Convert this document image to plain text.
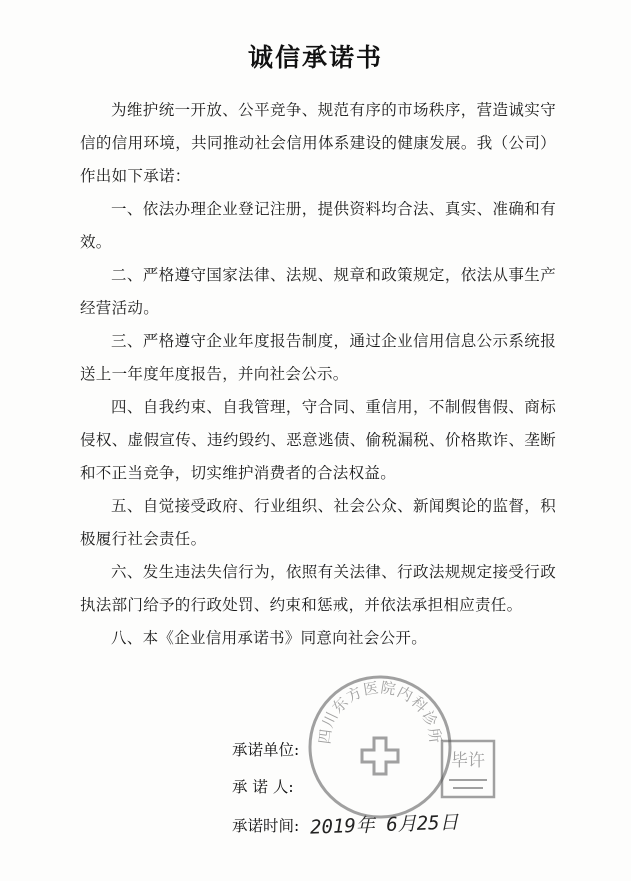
诚信承诺书

为维护统一开放、公平竞争、规范有序的市场秩序，营造诚实守信的信用环境，共同推动社会信用体系建设的健康发展。我（公司）作出如下承诺：

一、依法办理企业登记注册，提供资料均合法、真实、准确和有效。

二、严格遵守国家法律、法规、规章和政策规定，依法从事生产经营活动。

三、严格遵守企业年度报告制度，通过企业信用信息公示系统报送上一年度年度报告，并向社会公示。

四、自我约束、自我管理，守合同、重信用，不制假售假、商标侵权、虚假宣传、违约毁约、恶意逃债、偷税漏税、价格欺诈、垄断和不正当竞争，切实维护消费者的合法权益。

五、自觉接受政府、行业组织、社会公众、新闻舆论的监督，积极履行社会责任。

六、发生违法失信行为，依照有关法律、行政法规规定接受行政执法部门给予的行政处罚、约束和惩戒，并依法承担相应责任。

八、本《企业信用承诺书》同意向社会公开。

承诺单位:
承 诺 人:
承诺时间: 2019年 6月25日
四川东方医院内科诊所
毕许
